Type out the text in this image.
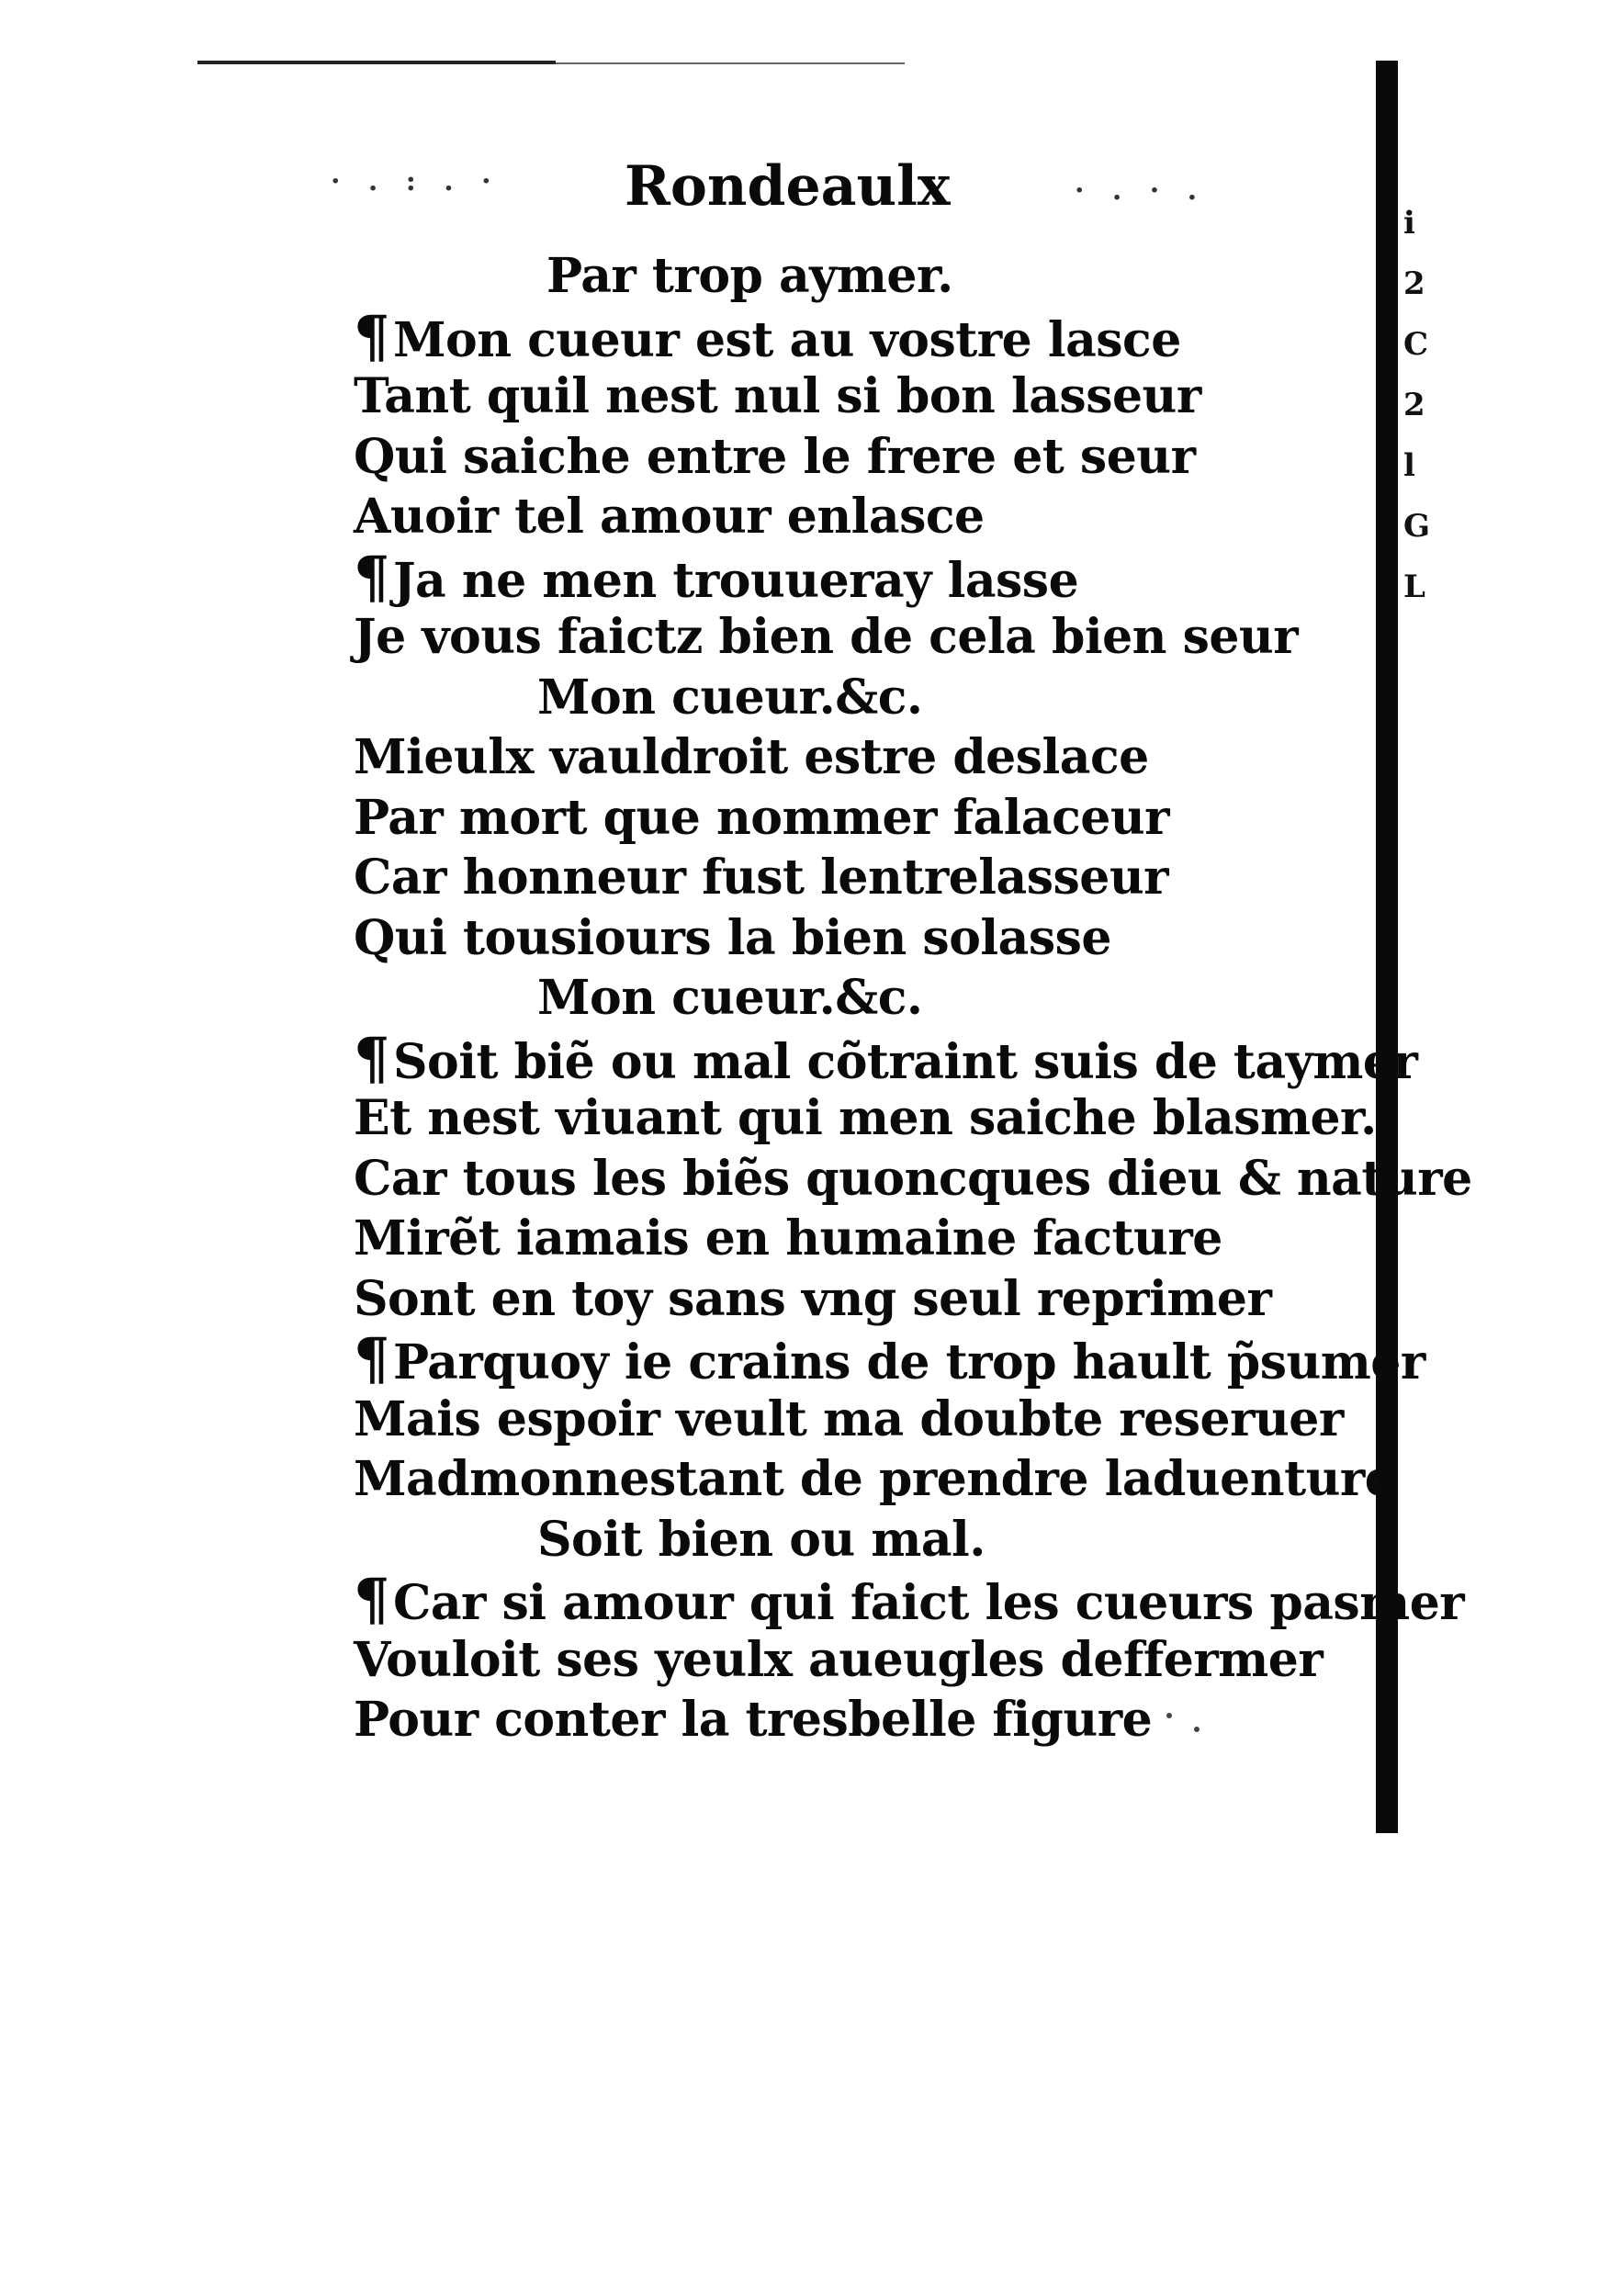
i
2
C
2
l
G
L
· . : . ·	· . · .
Rondeaulx
Par trop aymer.
¶Mon cueur est au vostre lasce
Tant quil nest nul si bon lasseur
Qui saiche entre le frere et seur
Auoir tel amour enlasce
¶Ja ne men trouueray lasse
Je vous faictz bien de cela bien seur
Mon cueur.&c.
Mieulx vauldroit estre deslace
Par mort que nommer falaceur
Car honneur fust lentrelasseur
Qui tousiours la bien solasse
Mon cueur.&c.
¶Soit biẽ ou mal cõtraint suis de taymer
Et nest viuant qui men saiche blasmer.
Car tous les biẽs quoncques dieu & nature
Mirẽt iamais en humaine facture
Sont en toy sans vng seul reprimer
¶Parquoy ie crains de trop hault p̃sumer
Mais espoir veult ma doubte reseruer
Madmonnestant de prendre laduenture
Soit bien ou mal.
¶Car si amour qui faict les cueurs pasmer
Vouloit ses yeulx aueugles deffermer
Pour conter la tresbelle figure
